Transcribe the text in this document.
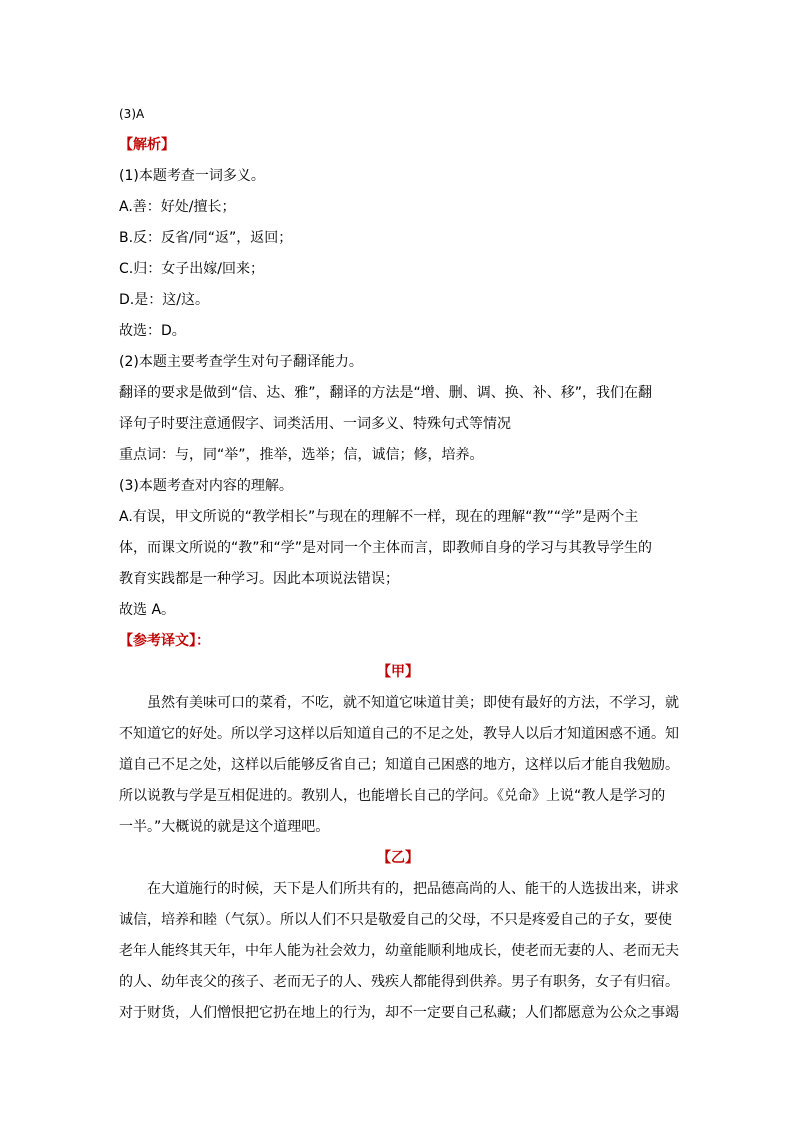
(3)A

【解析】

(1)本题考查一词多义。

A.善：好处/擅长；

B.反：反省/同“返”，返回；

C.归：女子出嫁/回来；

D.是：这/这。

故选：D。

(2)本题主要考查学生对句子翻译能力。

翻译的要求是做到“信、达、雅”，翻译的方法是“增、删、调、换、补、移”，我们在翻

译句子时要注意通假字、词类活用、一词多义、特殊句式等情况

重点词：与，同“举”，推举，选举；信，诚信；修，培养。

(3)本题考查对内容的理解。

A.有误，甲文所说的“教学相长”与现在的理解不一样，现在的理解“教”“学”是两个主

体，而课文所说的“教”和“学”是对同一个主体而言，即教师自身的学习与其教导学生的

教育实践都是一种学习。因此本项说法错误；

故选 A。

【参考译文】：

【甲】

虽然有美味可口的菜肴，不吃，就不知道它味道甘美；即使有最好的方法，不学习，就

不知道它的好处。所以学习这样以后知道自己的不足之处，教导人以后才知道困惑不通。知

道自己不足之处，这样以后能够反省自己；知道自己困惑的地方，这样以后才能自我勉励。

所以说教与学是互相促进的。教别人，也能增长自己的学问。《兑命》上说“教人是学习的

一半。”大概说的就是这个道理吧。

【乙】

在大道施行的时候，天下是人们所共有的，把品德高尚的人、能干的人选拔出来，讲求

诚信，培养和睦（气氛）。所以人们不只是敬爱自己的父母，不只是疼爱自己的子女，要使

老年人能终其天年，中年人能为社会效力，幼童能顺利地成长，使老而无妻的人、老而无夫

的人、幼年丧父的孩子、老而无子的人、残疾人都能得到供养。男子有职务，女子有归宿。

对于财货，人们憎恨把它扔在地上的行为，却不一定要自己私藏；人们都愿意为公众之事竭
